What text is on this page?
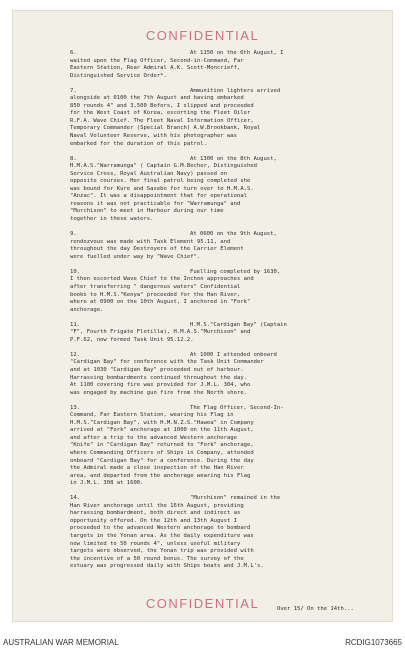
CONFIDENTIAL
6.	At 1150 on the 6th August, I
waited upon the Flag Officer, Second-in-Command, Far
Eastern Station, Rear Admiral A.K. Scott-Moncrieff,
Distinguished Service Order*.
7.	Ammunition lighters arrived
alongside at 0100 the 7th August and having embarked
850 rounds 4" and 3,500 Bofors, I slipped and proceeded
for the West Coast of Korea, escorting the Fleet Oiler
R.F.A. Wave Chief. The Fleet Naval Information Officer,
Temporary Commander (Special Branch) A.W.Brookbank, Royal
Naval Volunteer Reserve, with his photographer was
embarked for the duration of this patrol.
8.	At 1300 on the 8th August,
H.M.A.S."Warramunga" ( Captain G.M.Becher, Distinguished
Service Cross, Royal Australian Navy) passed on
opposite courses. Her final patrol being completed she
was bound for Kure and Sasebo for turn over to H.M.A.S.
"Anzac". It was a disappointment that for operational
reasons it was not practicable for "Warramunga" and
"Murchison" to meet in Harbour during our time
together in these waters.
9.	At 0600 on the 9th August,
rendezvous was made with Task Element 95.11, and
throughout the day Destroyers of the Carrier Element
were fuelled under way by "Wave Chief".
10.	Fuelling completed by 1630,
I then escorted Wave Chief to the Inchon approaches and
after transferring " dangerous waters" Confidential
books to H.M.S."Kenya" proceeded for the Han River,
where at 0900 on the 10th August, I anchored in "Fork"
anchorage.
11.	H.M.S."Cardigan Bay" (Captain
"F", Fourth Frigate Flotilla), H.M.A.S."Murchison" and
P.F.62, now formed Task Unit 95.12.2.
12.	At 1000 I attended onboard
"Cardigan Bay" for conference with the Task Unit Commander
and at 1030 "Cardigan Bay" proceeded out of harbour.
Harrassing bombardments continued throughout the day.
At 1100 covering fire was provided for J.M.L. 304, who
was engaged by machine gun fire from the North shore.
13.	The Flag Officer, Second-In-
Command, Far Eastern Station, wearing his Flag in
H.M.S."Cardigan Bay", with H.M.N.Z.S."Hawea" in Company
arrived at "Fork" anchorage at 1000 on the 11th August,
and after a trip to the advanced Western anchorage
"Knife" in "Cardigan Bay" returned to "Fork" anchorage,
where Commanding Officers of Ships in Company, attended
onboard "Cardigan Bay" for a conference. During the day
the Admiral made a close inspection of the Han River
area, and departed from the anchorage wearing his Flag
in J.M.L. 308 at 1600.
14.	"Murchison" remained in the
Han River anchorage until the 16th August, providing
harrassing bombardment, both direct and indirect as
opportunity offered. On the 12th and 13th August I
proceeded to the advanced Western anchorage to bombard
targets in the Yonan area. As the daily expenditure was
now limited to 50 rounds 4", unless useful military
targets were observed, the Yonan trip was provided with
the incentive of a 50 round bonus. The survey of the
estuary was progressed daily with Ships boats and J.M.L's.
CONFIDENTIAL	Over 15/ On the 14th...
AUSTRALIAN WAR MEMORIAL	RCDIG1073665
